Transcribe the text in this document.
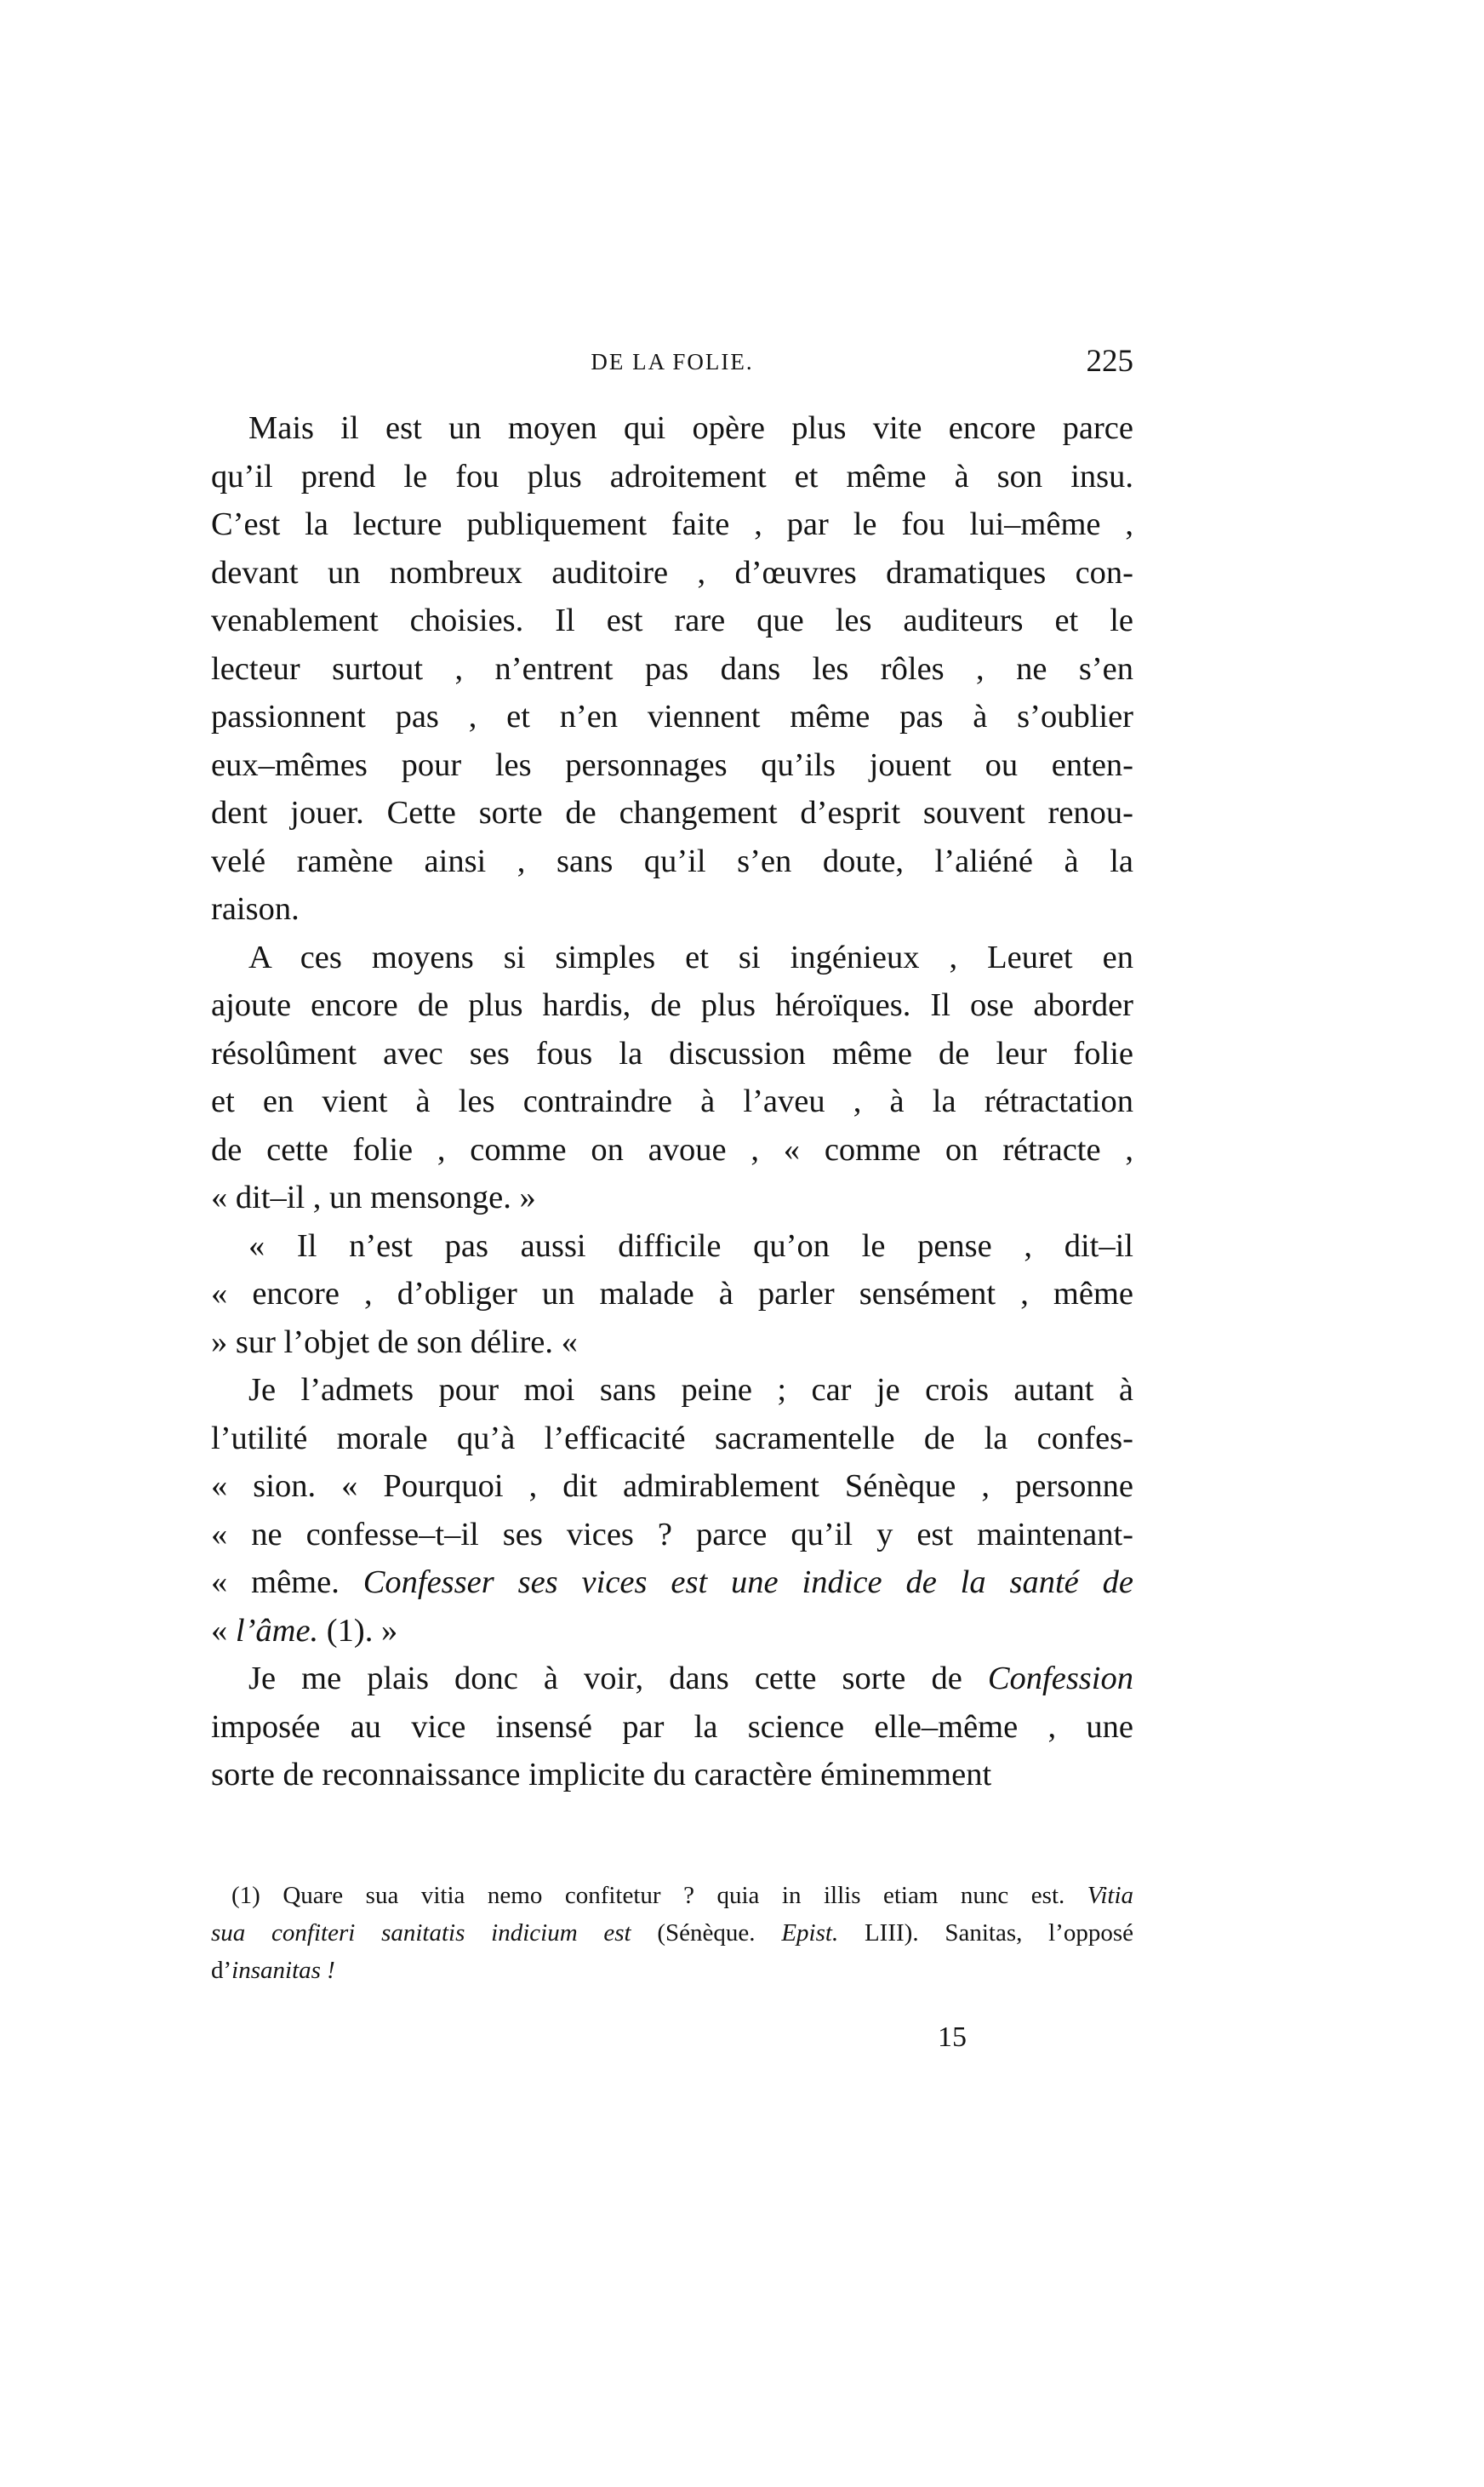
DE LA FOLIE.	225
Mais il est un moyen qui opère plus vite encore parce
qu’il prend le fou plus adroitement et même à son insu.
C’est la lecture publiquement faite , par le fou lui–même ,
devant un nombreux auditoire , d’œuvres dramatiques con-
venablement choisies. Il est rare que les auditeurs et le
lecteur surtout , n’entrent pas dans les rôles , ne s’en
passionnent pas , et n’en viennent même pas à s’oublier
eux–mêmes pour les personnages qu’ils jouent ou enten-
dent jouer. Cette sorte de changement d’esprit souvent renou-
velé ramène ainsi , sans qu’il s’en doute, l’aliéné à la
raison.
A ces moyens si simples et si ingénieux , Leuret en
ajoute encore de plus hardis, de plus héroïques. Il ose aborder
résolûment avec ses fous la discussion même de leur folie
et en vient à les contraindre à l’aveu , à la rétractation
de cette folie , comme on avoue , « comme on rétracte ,
« dit–il , un mensonge. »
« Il n’est pas aussi difficile qu’on le pense , dit–il
« encore , d’obliger un malade à parler sensément , même
» sur l’objet de son délire. «
Je l’admets pour moi sans peine ; car je crois autant à
l’utilité morale qu’à l’efficacité sacramentelle de la confes-
« sion. « Pourquoi , dit admirablement Sénèque , personne
« ne confesse–t–il ses vices ? parce qu’il y est maintenant-
« même. Confesser ses vices est une indice de la santé de
« l’âme. (1). »
Je me plais donc à voir, dans cette sorte de Confession
imposée au vice insensé par la science elle–même , une
sorte de reconnaissance implicite du caractère éminemment
(1) Quare sua vitia nemo confitetur ? quia in illis etiam nunc est. Vitia
sua confiteri sanitatis indicium est (Sénèque. Epist. LIII). Sanitas, l’opposé
d’insanitas !
15
